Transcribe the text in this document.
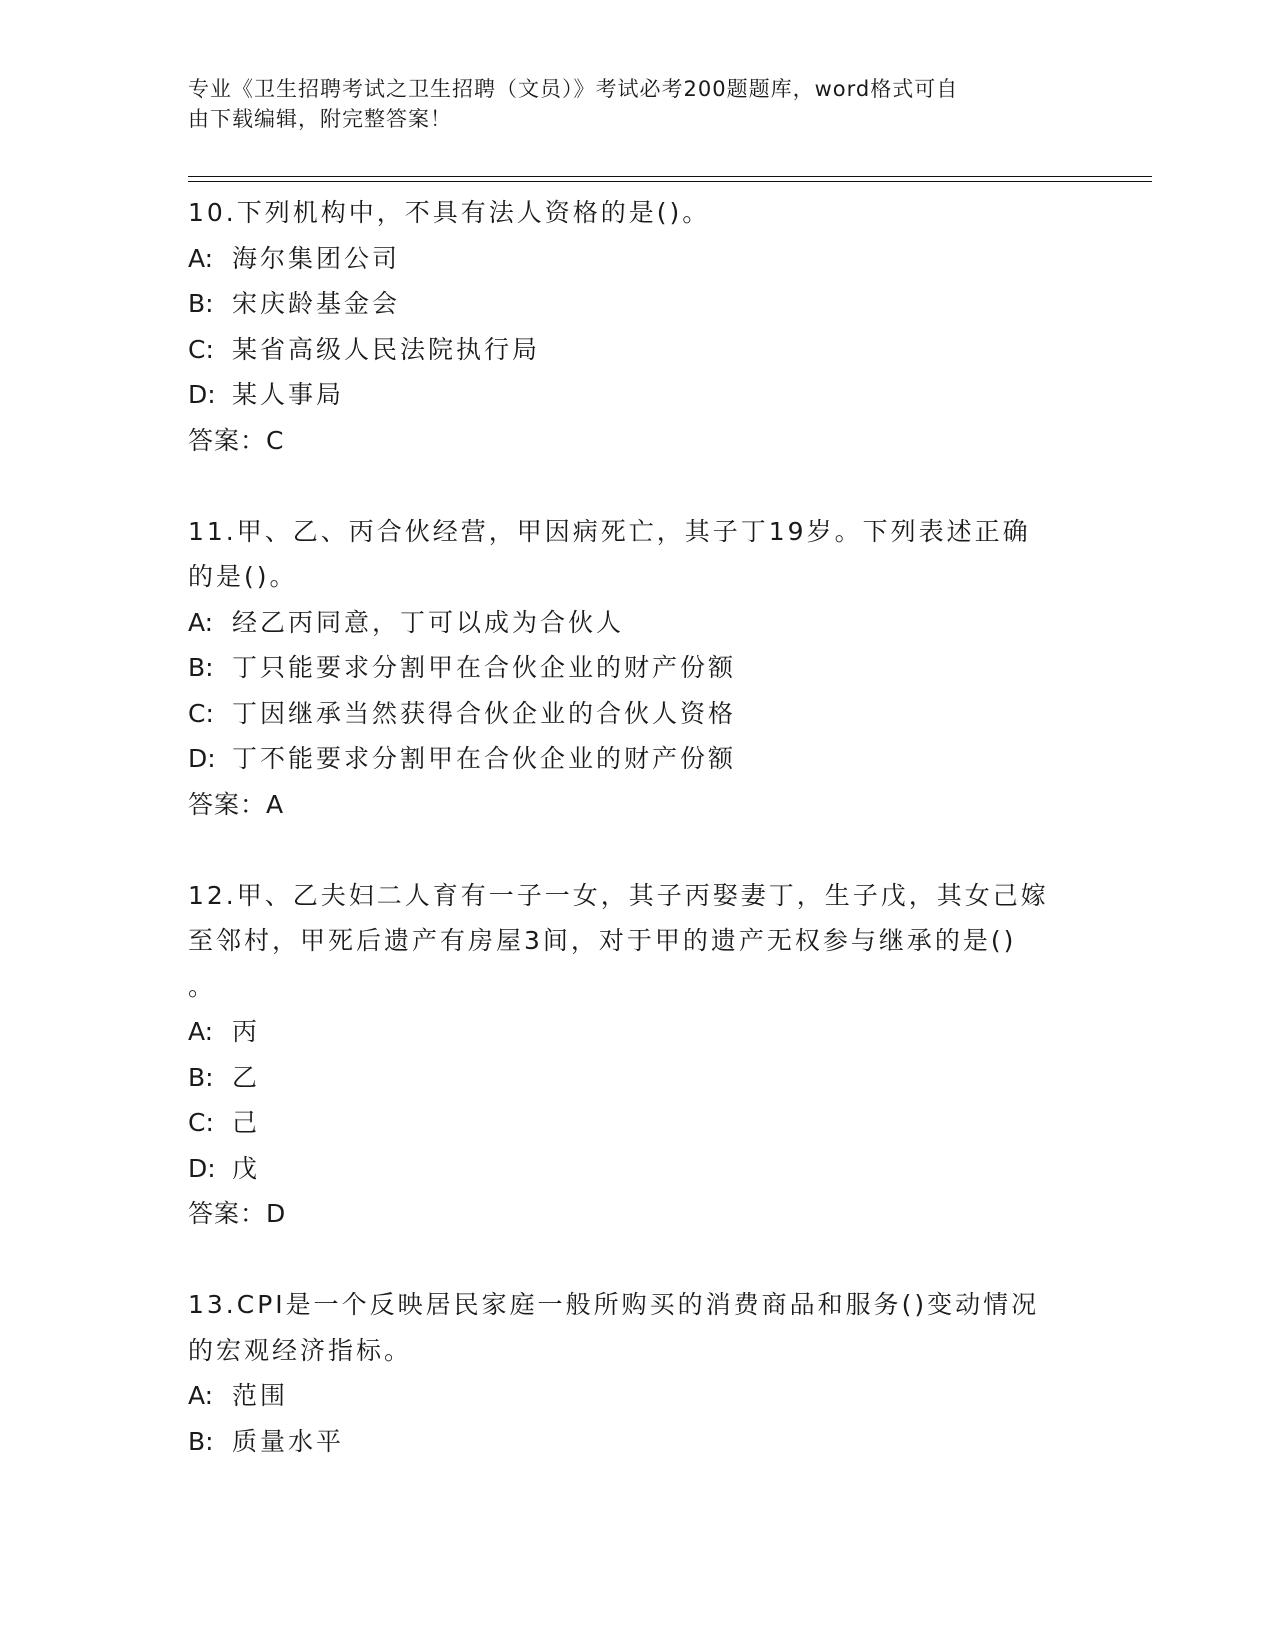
专业《卫生招聘考试之卫生招聘（文员）》考试必考200题题库，word格式可自
由下载编辑，附完整答案！
10.下列机构中，不具有法人资格的是()。
A: 海尔集团公司
B: 宋庆龄基金会
C: 某省高级人民法院执行局
D: 某人事局
答案：C
11.甲、乙、丙合伙经营，甲因病死亡，其子丁19岁。下列表述正确
的是()。
A: 经乙丙同意，丁可以成为合伙人
B: 丁只能要求分割甲在合伙企业的财产份额
C: 丁因继承当然获得合伙企业的合伙人资格
D: 丁不能要求分割甲在合伙企业的财产份额
答案：A
12.甲、乙夫妇二人育有一子一女，其子丙娶妻丁，生子戊，其女己嫁
至邻村，甲死后遗产有房屋3间，对于甲的遗产无权参与继承的是()
。
A: 丙
B: 乙
C: 己
D: 戊
答案：D
13.CPI是一个反映居民家庭一般所购买的消费商品和服务()变动情况
的宏观经济指标。
A: 范围
B: 质量水平
